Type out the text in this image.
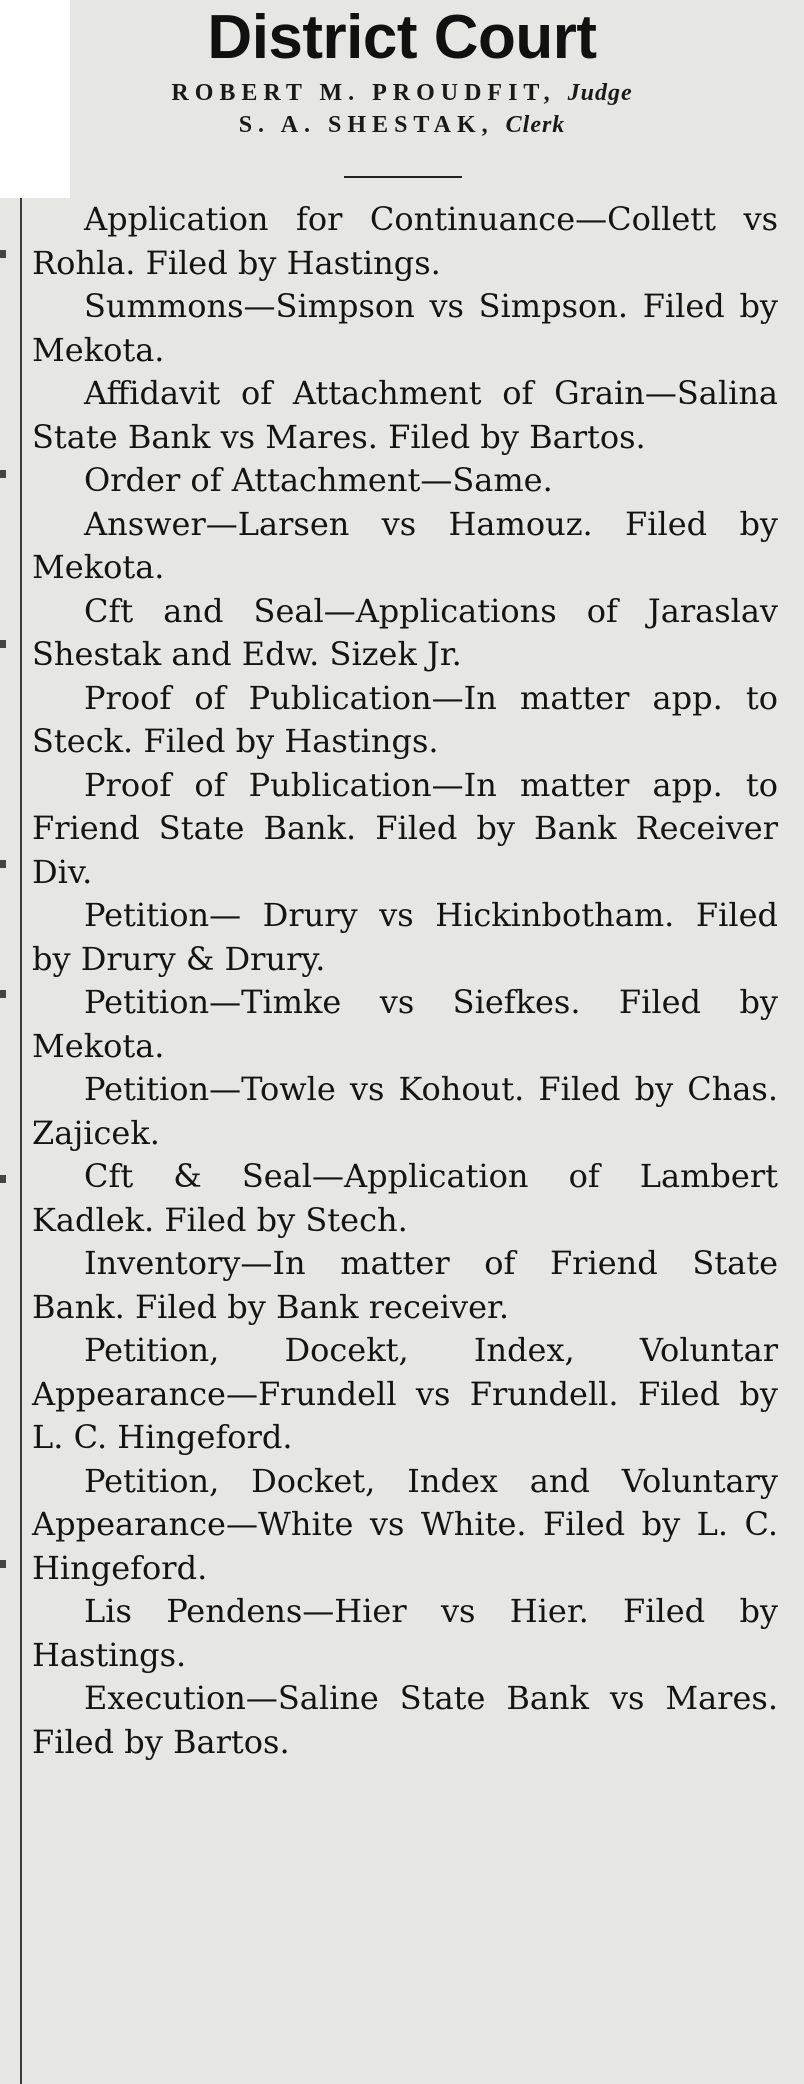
District Court
ROBERT M. PROUDFIT, Judge
S. A. SHESTAK, Clerk

Application for Continuance—Collett vs Rohla. Filed by Hastings.

Summons—Simpson vs Simpson. Filed by Mekota.

Affidavit of Attachment of Grain—Salina State Bank vs Mares. Filed by Bartos.

Order of Attachment—Same.

Answer—Larsen vs Hamouz. Filed by Mekota.

Cft and Seal—Applications of Jaraslav Shestak and Edw. Sizek Jr.

Proof of Publication—In matter app. to Steck. Filed by Hastings.

Proof of Publication—In matter app. to Friend State Bank. Filed by Bank Receiver Div.

Petition— Drury vs Hickinbotham. Filed by Drury & Drury.

Petition—Timke vs Siefkes. Filed by Mekota.

Petition—Towle vs Kohout. Filed by Chas. Zajicek.

Cft & Seal—Application of Lambert Kadlek. Filed by Stech.

Inventory—In matter of Friend State Bank. Filed by Bank receiver.

Petition, Docekt, Index, Voluntar Appearance—Frundell vs Frundell. Filed by L. C. Hingeford.

Petition, Docket, Index and Voluntary Appearance—White vs White. Filed by L. C. Hingeford.

Lis Pendens—Hier vs Hier. Filed by Hastings.

Execution—Saline State Bank vs Mares. Filed by Bartos.
